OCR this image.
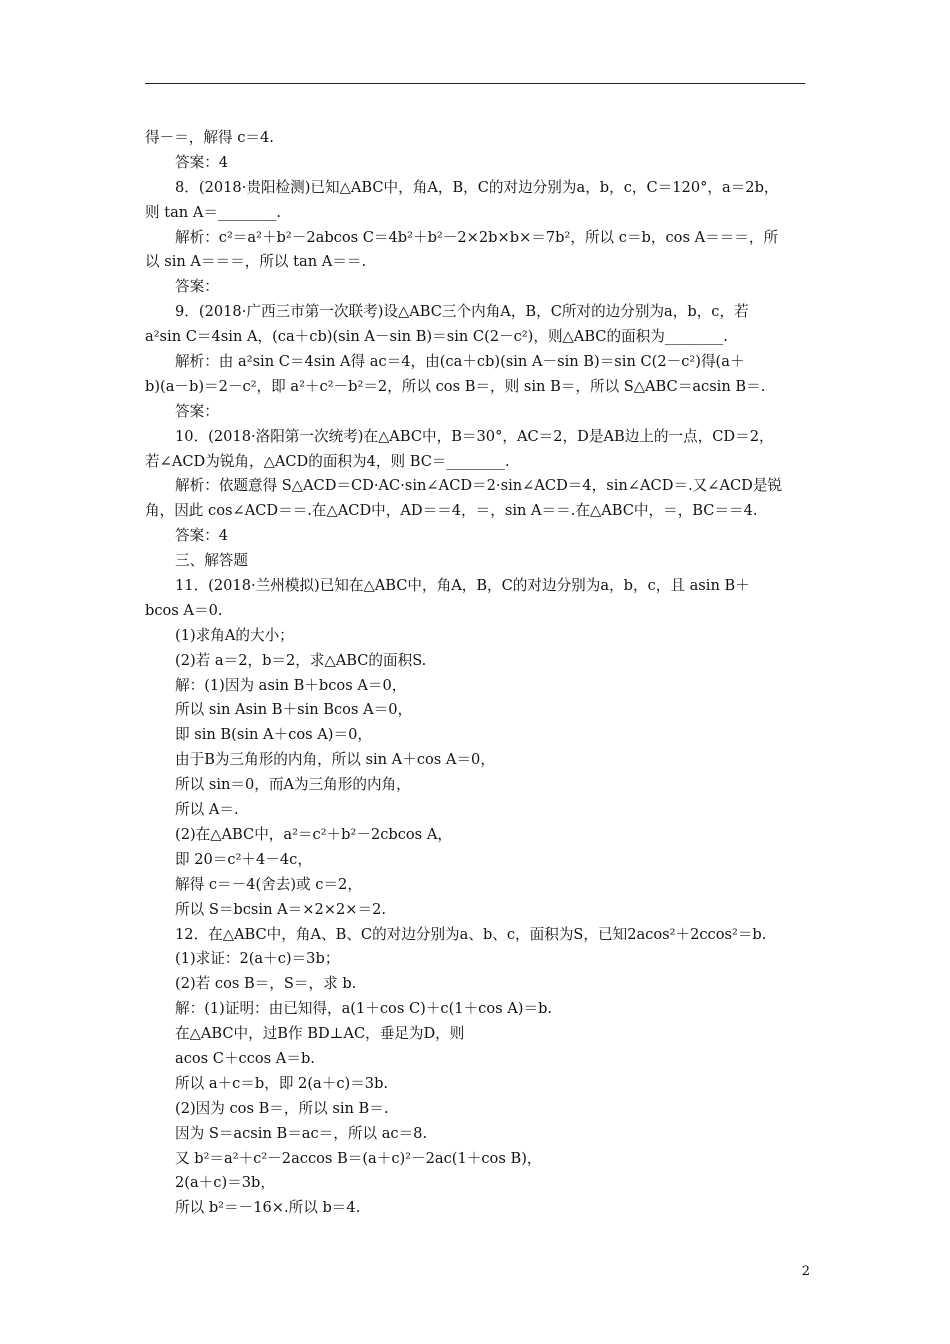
得－＝，解得 c＝4.
答案：4
8．(2018·贵阳检测)已知△ABC中，角A，B，C的对边分别为a，b，c，C＝120°，a＝2b，
则 tan A＝________.
解析：c²＝a²＋b²－2abcos C＝4b²＋b²－2×2b×b×＝7b²，所以 c＝b，cos A＝＝＝，所
以 sin A＝＝＝，所以 tan A＝＝.
答案：
9．(2018·广西三市第一次联考)设△ABC三个内角A，B，C所对的边分别为a，b，c，若
a²sin C＝4sin A，(ca＋cb)(sin A－sin B)＝sin C(2－c²)，则△ABC的面积为________.
解析：由 a²sin C＝4sin A得 ac＝4，由(ca＋cb)(sin A－sin B)＝sin C(2－c²)得(a＋
b)(a－b)＝2－c²，即 a²＋c²－b²＝2，所以 cos B＝，则 sin B＝，所以 S△ABC＝acsin B＝.
答案：
10．(2018·洛阳第一次统考)在△ABC中，B＝30°，AC＝2，D是AB边上的一点，CD＝2，
若∠ACD为锐角，△ACD的面积为4，则 BC＝________.
解析：依题意得 S△ACD＝CD·AC·sin∠ACD＝2·sin∠ACD＝4，sin∠ACD＝.又∠ACD是锐
角，因此 cos∠ACD＝＝.在△ACD中，AD＝＝4，＝，sin A＝＝.在△ABC中，＝，BC＝＝4.
答案：4
三、解答题
11．(2018·兰州模拟)已知在△ABC中，角A，B，C的对边分别为a，b，c，且 asin B＋
bcos A＝0.
(1)求角A的大小；
(2)若 a＝2，b＝2，求△ABC的面积S.
解：(1)因为 asin B＋bcos A＝0，
所以 sin Asin B＋sin Bcos A＝0，
即 sin B(sin A＋cos A)＝0，
由于B为三角形的内角，所以 sin A＋cos A＝0，
所以 sin＝0，而A为三角形的内角，
所以 A＝.
(2)在△ABC中，a²＝c²＋b²－2cbcos A，
即 20＝c²＋4－4c，
解得 c＝－4(舍去)或 c＝2，
所以 S＝bcsin A＝×2×2×＝2.
12．在△ABC中，角A、B、C的对边分别为a、b、c，面积为S，已知2acos²＋2ccos²＝b.
(1)求证：2(a＋c)＝3b；
(2)若 cos B＝，S＝，求 b.
解：(1)证明：由已知得，a(1＋cos C)＋c(1＋cos A)＝b.
在△ABC中，过B作 BD⊥AC，垂足为D，则
acos C＋ccos A＝b.
所以 a＋c＝b，即 2(a＋c)＝3b.
(2)因为 cos B＝，所以 sin B＝.
因为 S＝acsin B＝ac＝，所以 ac＝8.
又 b²＝a²＋c²－2accos B＝(a＋c)²－2ac(1＋cos B)，
2(a＋c)＝3b，
所以 b²＝－16×.所以 b＝4.
2
